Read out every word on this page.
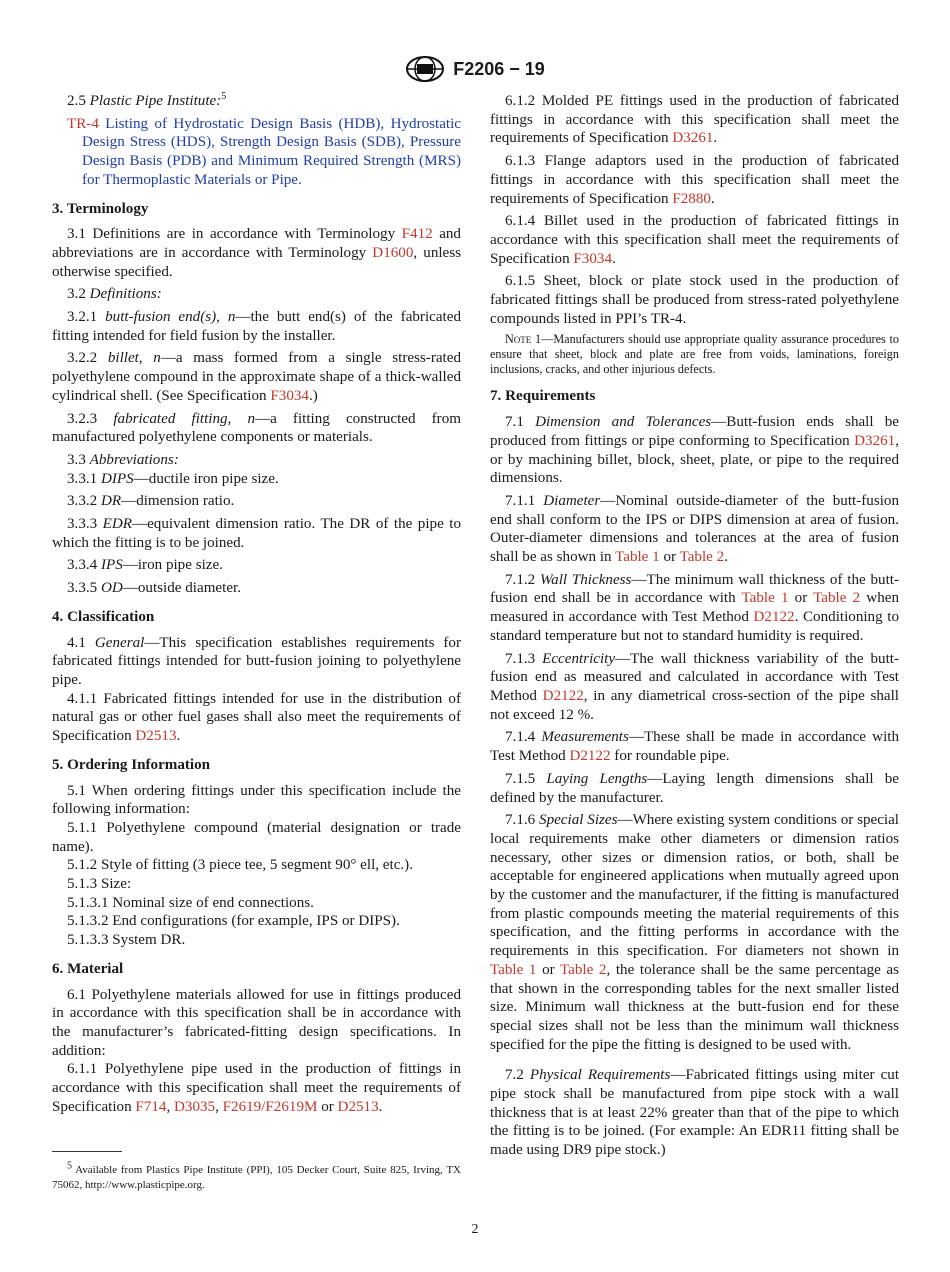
F2206 − 19

2.5 Plastic Pipe Institute:$^5$

TR-4 Listing of Hydrostatic Design Basis (HDB), Hydrostatic Design Stress (HDS), Strength Design Basis (SDB), Pressure Design Basis (PDB) and Minimum Required Strength (MRS) for Thermoplastic Materials or Pipe.

3. Terminology

3.1 Definitions are in accordance with Terminology F412 and abbreviations are in accordance with Terminology D1600, unless otherwise specified.

3.2 Definitions:

3.2.1 butt-fusion end(s), n—the butt end(s) of the fabricated fitting intended for field fusion by the installer.

3.2.2 billet, n—a mass formed from a single stress-rated polyethylene compound in the approximate shape of a thick-walled cylindrical shell. (See Specification F3034.)

3.2.3 fabricated fitting, n—a fitting constructed from manufactured polyethylene components or materials.

3.3 Abbreviations:

3.3.1 DIPS—ductile iron pipe size.

3.3.2 DR—dimension ratio.

3.3.3 EDR—equivalent dimension ratio. The DR of the pipe to which the fitting is to be joined.

3.3.4 IPS—iron pipe size.

3.3.5 OD—outside diameter.

4. Classification

4.1 General—This specification establishes requirements for fabricated fittings intended for butt-fusion joining to polyethylene pipe.

4.1.1 Fabricated fittings intended for use in the distribution of natural gas or other fuel gases shall also meet the requirements of Specification D2513.

5. Ordering Information

5.1 When ordering fittings under this specification include the following information:

5.1.1 Polyethylene compound (material designation or trade name).

5.1.2 Style of fitting (3 piece tee, 5 segment 90° ell, etc.).

5.1.3 Size:

5.1.3.1 Nominal size of end connections.

5.1.3.2 End configurations (for example, IPS or DIPS).

5.1.3.3 System DR.

6. Material

6.1 Polyethylene materials allowed for use in fittings produced in accordance with this specification shall be in accordance with the manufacturer’s fabricated-fitting design specifications. In addition:

6.1.1 Polyethylene pipe used in the production of fittings in accordance with this specification shall meet the requirements of Specification F714, D3035, F2619/F2619M or D2513.

$^5$ Available from Plastics Pipe Institute (PPI), 105 Decker Court, Suite 825, Irving, TX 75062, http://www.plasticpipe.org.

6.1.2 Molded PE fittings used in the production of fabricated fittings in accordance with this specification shall meet the requirements of Specification D3261.

6.1.3 Flange adaptors used in the production of fabricated fittings in accordance with this specification shall meet the requirements of Specification F2880.

6.1.4 Billet used in the production of fabricated fittings in accordance with this specification shall meet the requirements of Specification F3034.

6.1.5 Sheet, block or plate stock used in the production of fabricated fittings shall be produced from stress-rated polyethylene compounds listed in PPI’s TR-4.

Note 1—Manufacturers should use appropriate quality assurance procedures to ensure that sheet, block and plate are free from voids, laminations, foreign inclusions, cracks, and other injurious defects.

7. Requirements

7.1 Dimension and Tolerances—Butt-fusion ends shall be produced from fittings or pipe conforming to Specification D3261, or by machining billet, block, sheet, plate, or pipe to the required dimensions.

7.1.1 Diameter—Nominal outside-diameter of the butt-fusion end shall conform to the IPS or DIPS dimension at area of fusion. Outer-diameter dimensions and tolerances at the area of fusion shall be as shown in Table 1 or Table 2.

7.1.2 Wall Thickness—The minimum wall thickness of the butt-fusion end shall be in accordance with Table 1 or Table 2 when measured in accordance with Test Method D2122. Conditioning to standard temperature but not to standard humidity is required.

7.1.3 Eccentricity—The wall thickness variability of the butt-fusion end as measured and calculated in accordance with Test Method D2122, in any diametrical cross-section of the pipe shall not exceed 12 %.

7.1.4 Measurements—These shall be made in accordance with Test Method D2122 for roundable pipe.

7.1.5 Laying Lengths—Laying length dimensions shall be defined by the manufacturer.

7.1.6 Special Sizes—Where existing system conditions or special local requirements make other diameters or dimension ratios necessary, other sizes or dimension ratios, or both, shall be acceptable for engineered applications when mutually agreed upon by the customer and the manufacturer, if the fitting is manufactured from plastic compounds meeting the material requirements of this specification, and the fitting performs in accordance with the requirements in this specification. For diameters not shown in Table 1 or Table 2, the tolerance shall be the same percentage as that shown in the corresponding tables for the next smaller listed size. Minimum wall thickness at the butt-fusion end for these special sizes shall not be less than the minimum wall thickness specified for the pipe the fitting is designed to be used with.

7.2 Physical Requirements—Fabricated fittings using miter cut pipe stock shall be manufactured from pipe stock with a wall thickness that is at least 22% greater than that of the pipe to which the fitting is to be joined. (For example: An EDR11 fitting shall be made using DR9 pipe stock.)

2
